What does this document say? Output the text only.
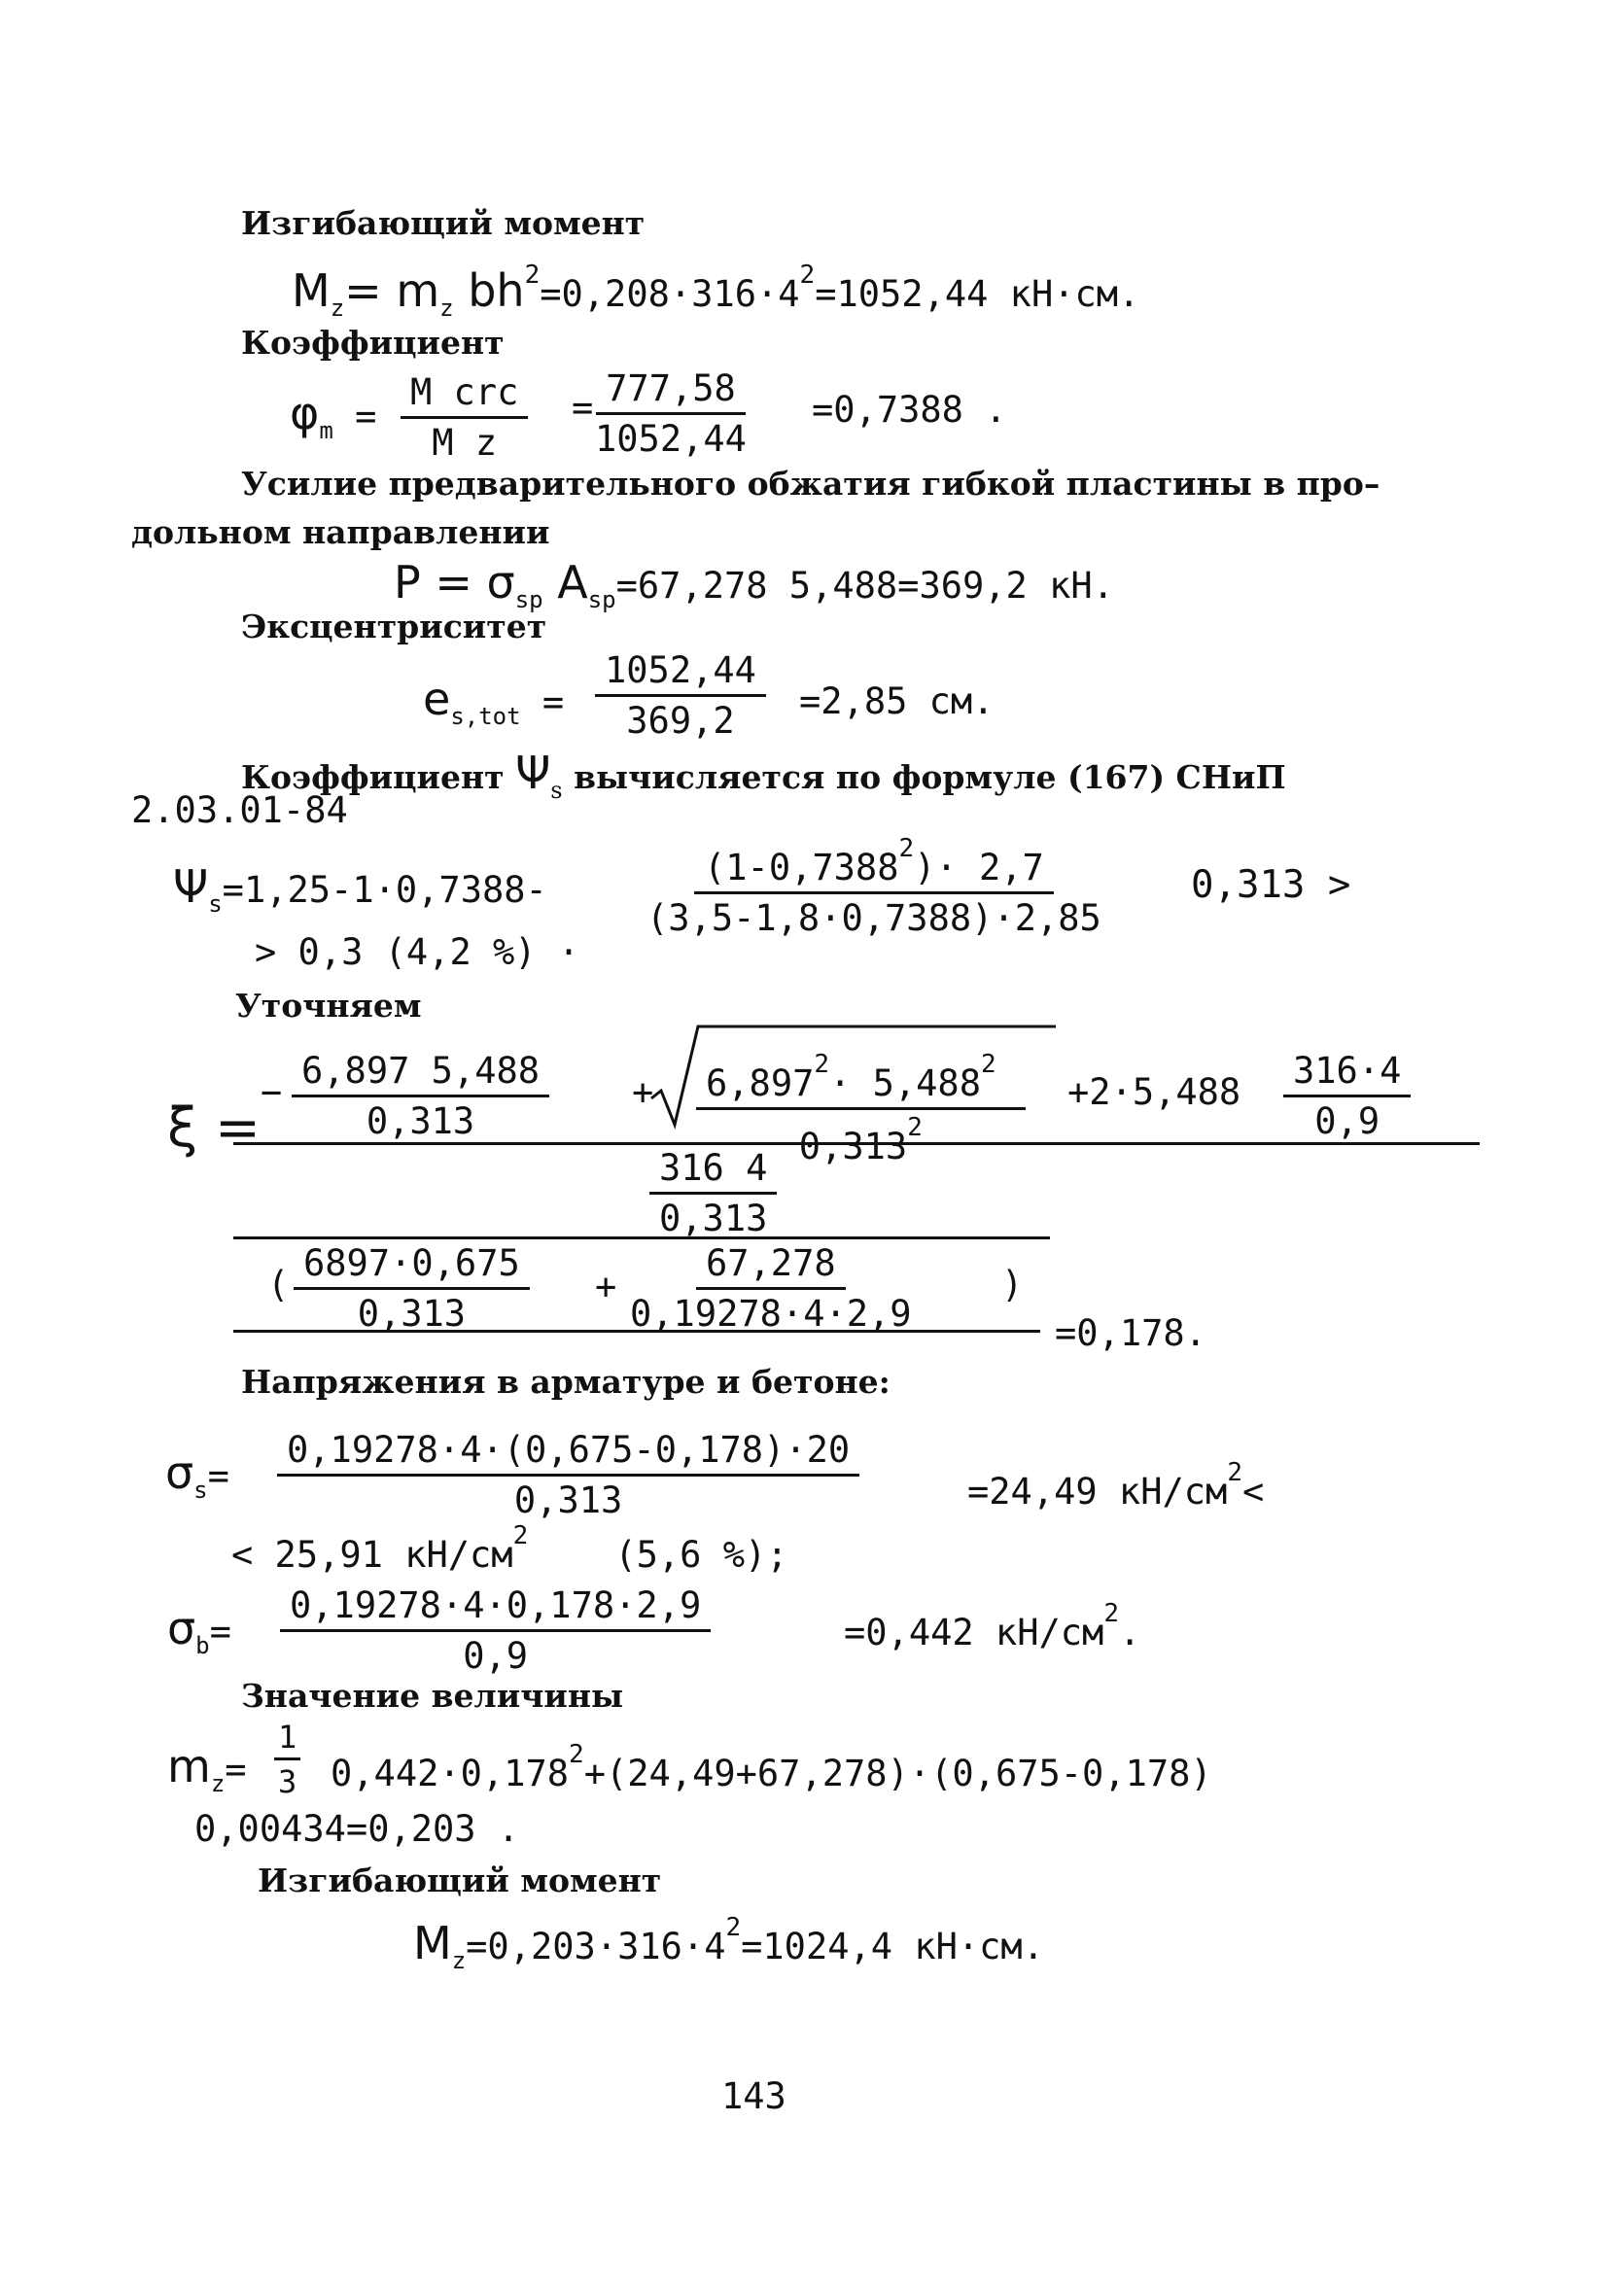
Изгибающий момент
$M_z= m_z$ $bh^2=0,208\cdot 316\cdot 4^2=1052,44$ кН·см.
Коэффициент
$\varphi_m$ =
M crc
M z
= 777,58
1052,44
=0,7388 .
Усилие предварительного обжатия гибкой пластины в про–
дольном направлении
$P = \sigma_{sp}$ $A_{sp}=67,278$ 5,488=369,2 кН.
Эксцентриситет
$e_{s,tot}$ =
1052,44
369,2 =2,85 см.
Коэффициент $\Psi_s$ вычисляется по формуле (167) СНиП
2.03.01-84
$\Psi_s=1,25-1\cdot 0,7388-$
$(1-0,7388^2)\cdot 2,7$
(3,5-1,8·0,7388)·2,85
0,313 >
> 0,3 (4,2 %) ·
Уточняем
ξ =
−
6,897 5,488
0,313
+ $6,897^2\cdot 5,488^2$
$0,313^2$
+2·5,488
316·4
0,9
316 4
0,313
(
6897·0,675
0,313
+
67,278
0,19278·4·2,9
)
=0,178.
Напряжения в арматуре и бетоне:
$\sigma_s=$
0,19278·4·(0,675-0,178)·20
0,313	=24,49 $кН/см^2<$
< 25,91 $кН/см^2$ (5,6 %);
$\sigma_b=$
0,19278·4·0,178·2,9
0,9
=0,442 $кН/см^2$.
Значение величины
$m_z=$
1
3 $0,442\cdot 0,178^2+(24,49+67,278)\cdot(0,675-0,178)$
0,00434=0,203 .
Изгибающий момент
$M_z=0,203\cdot 316\cdot 4^2=1024,4$ кН·см.
143
